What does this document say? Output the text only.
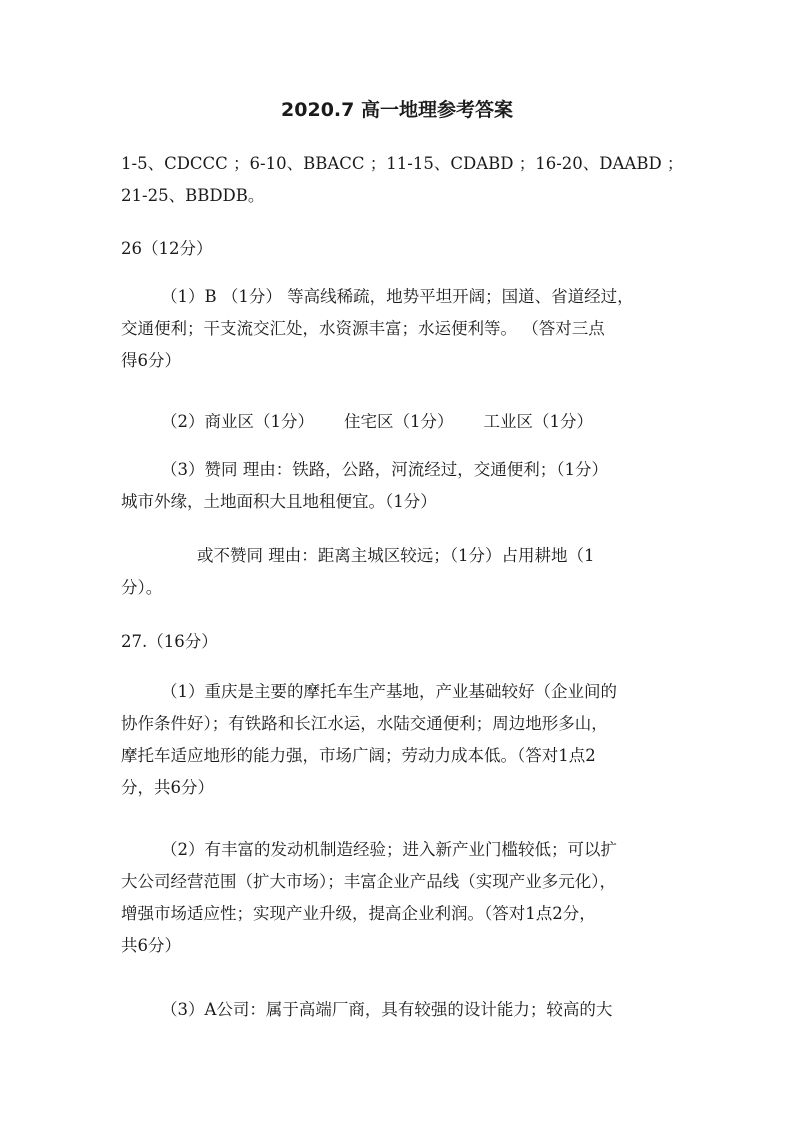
2020.7 高一地理参考答案
1-5、CDCCC ；6-10、BBACC ；11-15、CDABD ；16-20、DAABD ；
21-25、BBDDB。
26（12分）
（1）B （1分） 等高线稀疏，地势平坦开阔；国道、省道经过，
交通便利；干支流交汇处，水资源丰富；水运便利等。 （答对三点
得6分）
（2）商业区（1分） 住宅区（1分） 工业区（1分）
（3）赞同 理由：铁路，公路，河流经过，交通便利；（1分）
城市外缘，土地面积大且地租便宜。（1分）
或不赞同 理由：距离主城区较远；（1分）占用耕地（1
分）。
27.（16分）
（1）重庆是主要的摩托车生产基地，产业基础较好（企业间的
协作条件好）；有铁路和长江水运，水陆交通便利；周边地形多山，
摩托车适应地形的能力强，市场广阔；劳动力成本低。（答对1点2
分，共6分）
（2）有丰富的发动机制造经验；进入新产业门槛较低；可以扩
大公司经营范围（扩大市场）；丰富企业产品线（实现产业多元化），
增强市场适应性；实现产业升级，提高企业利润。（答对1点2分，
共6分）
（3）A公司：属于高端厂商，具有较强的设计能力；较高的大
